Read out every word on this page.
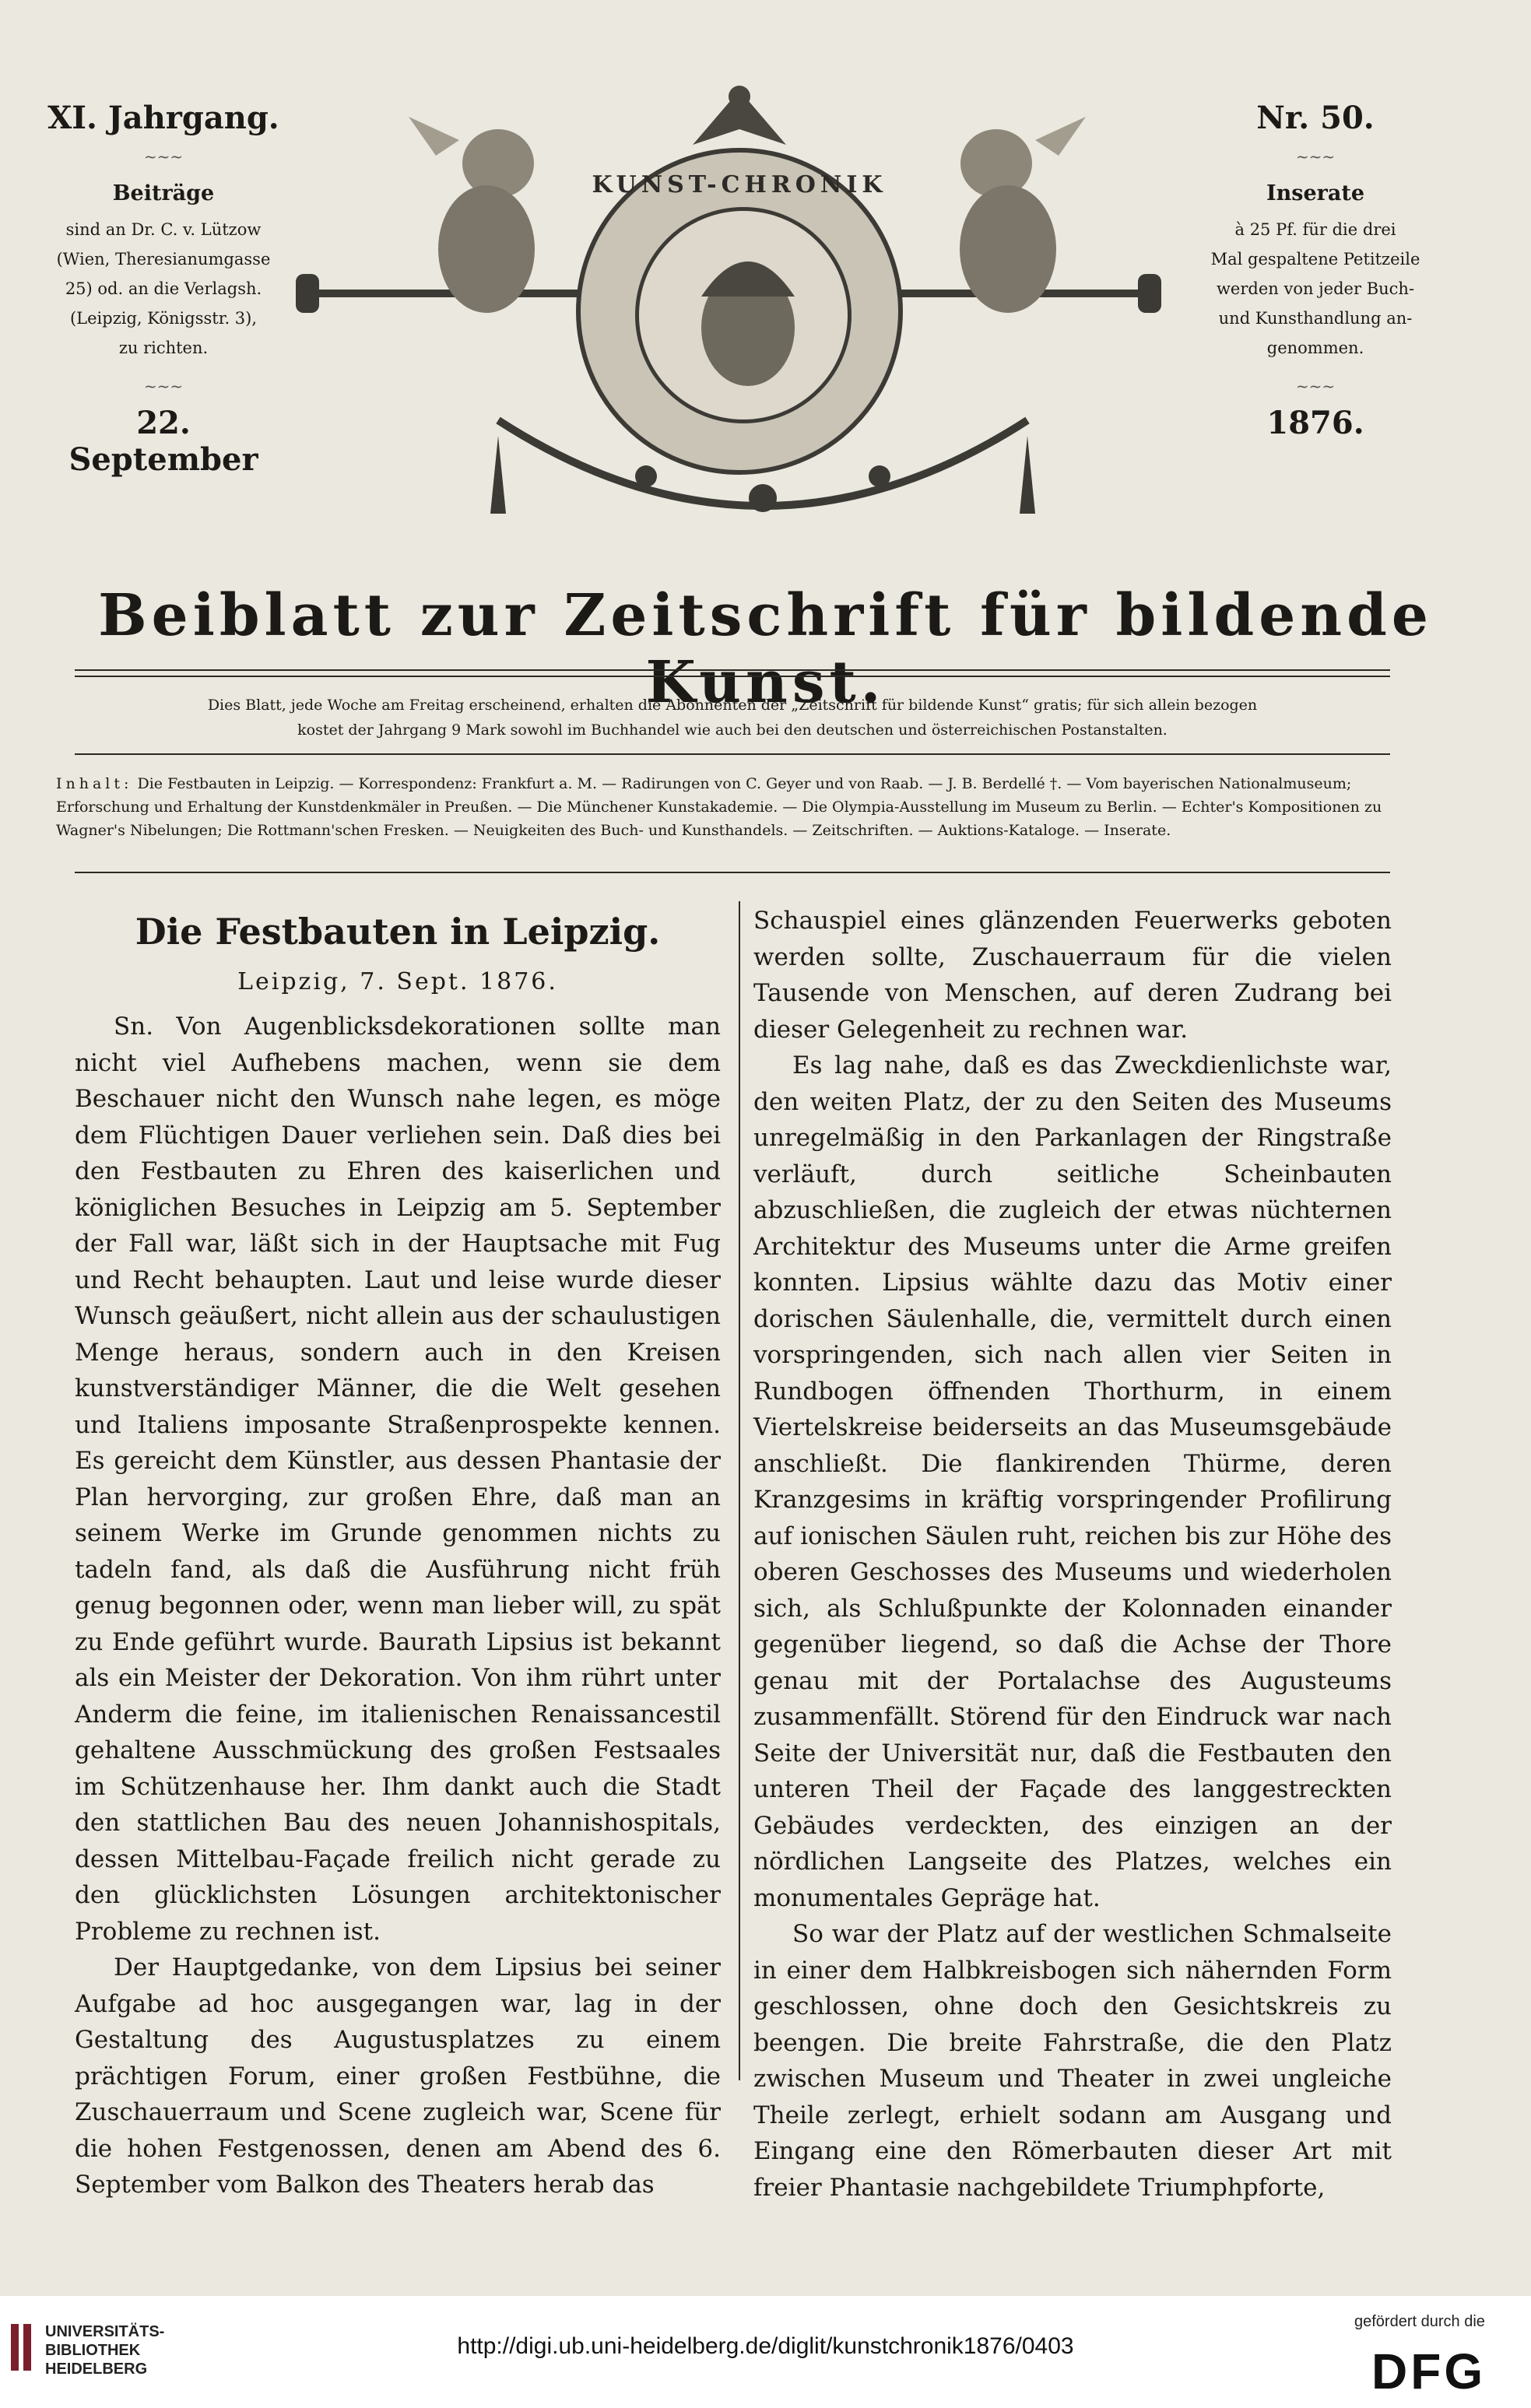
XI. Jahrgang.
~~~
Beiträge
sind an Dr. C. v. Lützow
(Wien, Theresianumgasse
25) od. an die Verlagsh.
(Leipzig, Königsstr. 3),
zu richten.
~~~
22. September
Nr. 50.
~~~
Inserate
à 25 Pf. für die drei
Mal gespaltene Petitzeile
werden von jeder Buch-
und Kunsthandlung an-
genommen.
~~~
1876.
KUNST-CHRONIK
Beiblatt zur Zeitschrift für bildende Kunst.
Dies Blatt, jede Woche am Freitag erscheinend, erhalten die Abonnenten der „Zeitschrift für bildende Kunst“ gratis; für sich allein bezogen
kostet der Jahrgang 9 Mark sowohl im Buchhandel wie auch bei den deutschen und österreichischen Postanstalten.
Inhalt: Die Festbauten in Leipzig. — Korrespondenz: Frankfurt a. M. — Radirungen von C. Geyer und von Raab. — J. B. Berdellé †. — Vom bayerischen Nationalmuseum; Erforschung und Erhaltung der Kunstdenkmäler in Preußen. — Die Münchener Kunstakademie. — Die Olympia-Ausstellung im Museum zu Berlin. — Echter's Kompositionen zu Wagner's Nibelungen; Die Rottmann'schen Fresken. — Neuigkeiten des Buch- und Kunsthandels. — Zeitschriften. — Auktions-Kataloge. — Inserate.
Die Festbauten in Leipzig.
Leipzig, 7. Sept. 1876.

Sn. Von Augenblicksdekorationen sollte man nicht viel Aufhebens machen, wenn sie dem Beschauer nicht den Wunsch nahe legen, es möge dem Flüchtigen Dauer verliehen sein. Daß dies bei den Festbauten zu Ehren des kaiserlichen und königlichen Besuches in Leipzig am 5. September der Fall war, läßt sich in der Hauptsache mit Fug und Recht behaupten. Laut und leise wurde dieser Wunsch geäußert, nicht allein aus der schaulustigen Menge heraus, sondern auch in den Kreisen kunstverständiger Männer, die die Welt gesehen und Italiens imposante Straßenprospekte kennen. Es gereicht dem Künstler, aus dessen Phantasie der Plan hervorging, zur großen Ehre, daß man an seinem Werke im Grunde genommen nichts zu tadeln fand, als daß die Ausführung nicht früh genug begonnen oder, wenn man lieber will, zu spät zu Ende geführt wurde. Baurath Lipsius ist bekannt als ein Meister der Dekoration. Von ihm rührt unter Anderm die feine, im italienischen Renaissancestil gehaltene Ausschmückung des großen Festsaales im Schützenhause her. Ihm dankt auch die Stadt den stattlichen Bau des neuen Johannishospitals, dessen Mittelbau-Façade freilich nicht gerade zu den glücklichsten Lösungen architektonischer Probleme zu rechnen ist.

Der Hauptgedanke, von dem Lipsius bei seiner Aufgabe ad hoc ausgegangen war, lag in der Gestaltung des Augustusplatzes zu einem prächtigen Forum, einer großen Festbühne, die Zuschauerraum und Scene zugleich war, Scene für die hohen Festgenossen, denen am Abend des 6. September vom Balkon des Theaters herab das

Schauspiel eines glänzenden Feuerwerks geboten werden sollte, Zuschauerraum für die vielen Tausende von Menschen, auf deren Zudrang bei dieser Gelegenheit zu rechnen war.

Es lag nahe, daß es das Zweckdienlichste war, den weiten Platz, der zu den Seiten des Museums unregelmäßig in den Parkanlagen der Ringstraße verläuft, durch seitliche Scheinbauten abzuschließen, die zugleich der etwas nüchternen Architektur des Museums unter die Arme greifen konnten. Lipsius wählte dazu das Motiv einer dorischen Säulenhalle, die, vermittelt durch einen vorspringenden, sich nach allen vier Seiten in Rundbogen öffnenden Thorthurm, in einem Viertelskreise beiderseits an das Museumsgebäude anschließt. Die flankirenden Thürme, deren Kranzgesims in kräftig vorspringender Profilirung auf ionischen Säulen ruht, reichen bis zur Höhe des oberen Geschosses des Museums und wiederholen sich, als Schlußpunkte der Kolonnaden einander gegenüber liegend, so daß die Achse der Thore genau mit der Portalachse des Augusteums zusammenfällt. Störend für den Eindruck war nach Seite der Universität nur, daß die Festbauten den unteren Theil der Façade des langgestreckten Gebäudes verdeckten, des einzigen an der nördlichen Langseite des Platzes, welches ein monumentales Gepräge hat.

So war der Platz auf der westlichen Schmalseite in einer dem Halbkreisbogen sich nähernden Form geschlossen, ohne doch den Gesichtskreis zu beengen. Die breite Fahrstraße, die den Platz zwischen Museum und Theater in zwei ungleiche Theile zerlegt, erhielt sodann am Ausgang und Eingang eine den Römerbauten dieser Art mit freier Phantasie nachgebildete Triumphpforte,

UNIVERSITÄTS-
BIBLIOTHEK
HEIDELBERG
http://digi.ub.uni-heidelberg.de/diglit/kunstchronik1876/0403
gefördert durch die
DFG
